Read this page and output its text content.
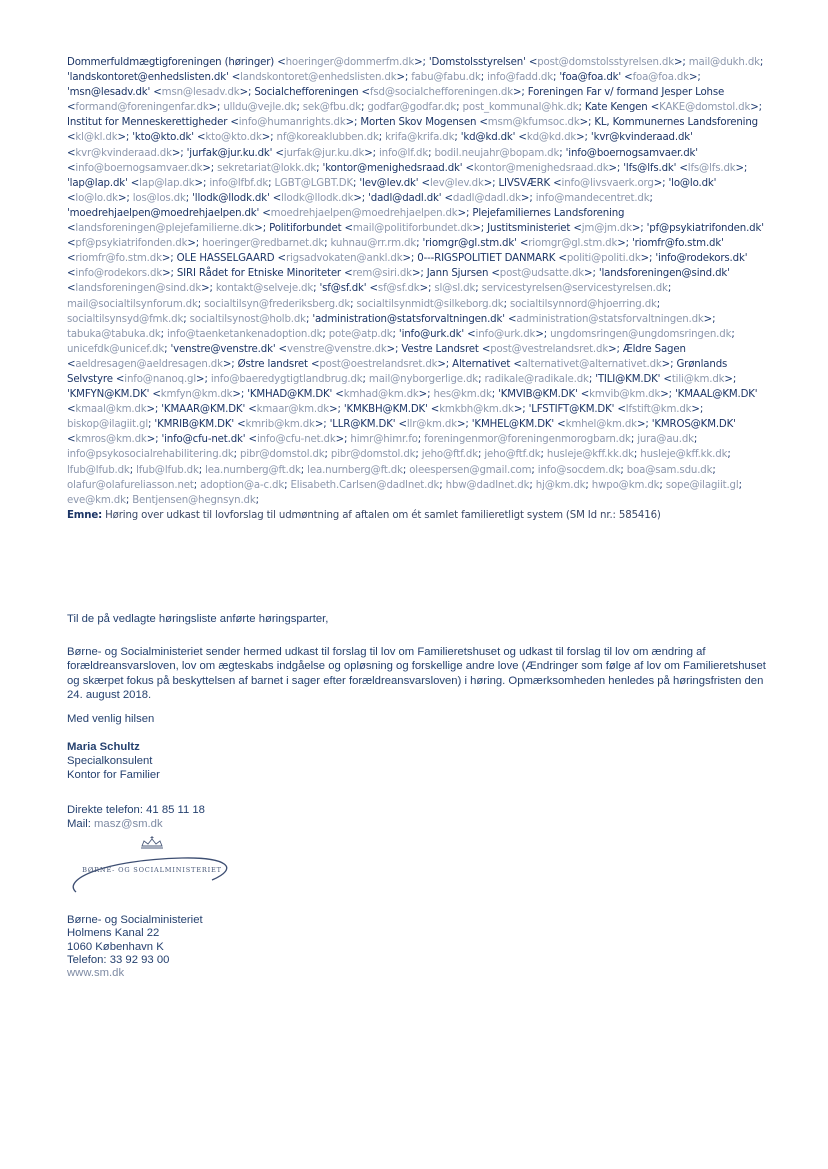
Dommerfuldmægtigforeningen (høringer) <hoeringer@dommerfm.dk>; 'Domstolsstyrelsen' <post@domstolsstyrelsen.dk>; mail@dukh.dk; 'landskontoret@enhedslisten.dk' <landskontoret@enhedslisten.dk>; fabu@fabu.dk; info@fadd.dk; 'foa@foa.dk' <foa@foa.dk>; 'msn@lesadv.dk' <msn@lesadv.dk>; Socialchefforeningen <fsd@socialchefforeningen.dk>; Foreningen Far v/ formand Jesper Lohse <formand@foreningenfar.dk>; ulldu@vejle.dk; sek@fbu.dk; godfar@godfar.dk; post_kommunal@hk.dk; Kate Kengen <KAKE@domstol.dk>; Institut for Menneskerettigheder <info@humanrights.dk>; Morten Skov Mogensen <msm@kfumsoc.dk>; KL, Kommunernes Landsforening <kl@kl.dk>; 'kto@kto.dk' <kto@kto.dk>; nf@koreaklubben.dk; krifa@krifa.dk; 'kd@kd.dk' <kd@kd.dk>; 'kvr@kvinderaad.dk' <kvr@kvinderaad.dk>; 'jurfak@jur.ku.dk' <jurfak@jur.ku.dk>; info@lf.dk; bodil.neujahr@bopam.dk; 'info@boernogsamvaer.dk' <info@boernogsamvaer.dk>; sekretariat@lokk.dk; 'kontor@menighedsraad.dk' <kontor@menighedsraad.dk>; 'lfs@lfs.dk' <lfs@lfs.dk>; 'lap@lap.dk' <lap@lap.dk>; info@lfbf.dk; LGBT@LGBT.DK; 'lev@lev.dk' <lev@lev.dk>; LIVSVÆRK <info@livsvaerk.org>; 'lo@lo.dk' <lo@lo.dk>; los@los.dk; 'llodk@llodk.dk' <llodk@llodk.dk>; 'dadl@dadl.dk' <dadl@dadl.dk>; info@mandecentret.dk; 'moedrehjaelpen@moedrehjaelpen.dk' <moedrehjaelpen@moedrehjaelpen.dk>; Plejefamiliernes Landsforening <landsforeningen@plejefamilierne.dk>; Politiforbundet <mail@politiforbundet.dk>; Justitsministeriet <jm@jm.dk>; 'pf@psykiatrifonden.dk' <pf@psykiatrifonden.dk>; hoeringer@redbarnet.dk; kuhnau@rr.rm.dk; 'riomgr@gl.stm.dk' <riomgr@gl.stm.dk>; 'riomfr@fo.stm.dk' <riomfr@fo.stm.dk>; OLE HASSELGAARD <rigsadvokaten@ankl.dk>; 0---RIGSPOLITIET DANMARK <politi@politi.dk>; 'info@rodekors.dk' <info@rodekors.dk>; SIRI Rådet for Etniske Minoriteter <rem@siri.dk>; Jann Sjursen <post@udsatte.dk>; 'landsforeningen@sind.dk' <landsforeningen@sind.dk>; kontakt@selveje.dk; 'sf@sf.dk' <sf@sf.dk>; sl@sl.dk; servicestyrelsen@servicestyrelsen.dk; mail@socialtilsynforum.dk; socialtilsyn@frederiksberg.dk; socialtilsynmidt@silkeborg.dk; socialtilsynnord@hjoerring.dk; socialtilsynsyd@fmk.dk; socialtilsynost@holb.dk; 'administration@statsforvaltningen.dk' <administration@statsforvaltningen.dk>; tabuka@tabuka.dk; info@taenketankenadoption.dk; pote@atp.dk; 'info@urk.dk' <info@urk.dk>; ungdomsringen@ungdomsringen.dk; unicefdk@unicef.dk; 'venstre@venstre.dk' <venstre@venstre.dk>; Vestre Landsret <post@vestrelandsret.dk>; Ældre Sagen <aeldresagen@aeldresagen.dk>; Østre landsret <post@oestrelandsret.dk>; Alternativet <alternativet@alternativet.dk>; Grønlands Selvstyre <info@nanoq.gl>; info@baeredygtigtlandbrug.dk; mail@nyborgerlige.dk; radikale@radikale.dk; 'TILI@KM.DK' <tili@km.dk>; 'KMFYN@KM.DK' <kmfyn@km.dk>; 'KMHAD@KM.DK' <kmhad@km.dk>; hes@km.dk; 'KMVIB@KM.DK' <kmvib@km.dk>; 'KMAAL@KM.DK' <kmaal@km.dk>; 'KMAAR@KM.DK' <kmaar@km.dk>; 'KMKBH@KM.DK' <kmkbh@km.dk>; 'LFSTIFT@KM.DK' <lfstift@km.dk>; biskop@ilagiit.gl; 'KMRIB@KM.DK' <kmrib@km.dk>; 'LLR@KM.DK' <llr@km.dk>; 'KMHEL@KM.DK' <kmhel@km.dk>; 'KMROS@KM.DK' <kmros@km.dk>; 'info@cfu-net.dk' <info@cfu-net.dk>; himr@himr.fo; foreningenmor@foreningenmorogbarn.dk; jura@au.dk; info@psykosocialrehabilitering.dk; pibr@domstol.dk; pibr@domstol.dk; jeho@ftf.dk; jeho@ftf.dk; husleje@kff.kk.dk; husleje@kff.kk.dk; lfub@lfub.dk; lfub@lfub.dk; lea.nurnberg@ft.dk; lea.nurnberg@ft.dk; oleespersen@gmail.com; info@socdem.dk; boa@sam.sdu.dk; olafur@olafureliasson.net; adoption@a-c.dk; Elisabeth.Carlsen@dadlnet.dk; hbw@dadlnet.dk; hj@km.dk; hwpo@km.dk; sope@ilagiit.gl; eve@km.dk; Bentjensen@hegnsyn.dk;
Emne: Høring over udkast til lovforslag til udmøntning af aftalen om ét samlet familieretligt system (SM Id nr.: 585416)

Til de på vedlagte høringsliste anførte høringsparter,

Børne- og Socialministeriet sender hermed udkast til forslag til lov om Familieretshuset og udkast til forslag til lov om ændring af forældreansvarsloven, lov om ægteskabs indgåelse og opløsning og forskellige andre love (Ændringer som følge af lov om Familieretshuset og skærpet fokus på beskyttelsen af barnet i sager efter forældreansvarsloven) i høring. Opmærksomheden henledes på høringsfristen den 24. august 2018.

Med venlig hilsen

Maria Schultz
Specialkonsulent
Kontor for Familier
Direkte telefon: 41 85 11 18
Mail: masz@sm.dk
BØRNE- OG SOCIALMINISTERIET
Børne- og Socialministeriet
Holmens Kanal 22
1060 København K
Telefon: 33 92 93 00
www.sm.dk
